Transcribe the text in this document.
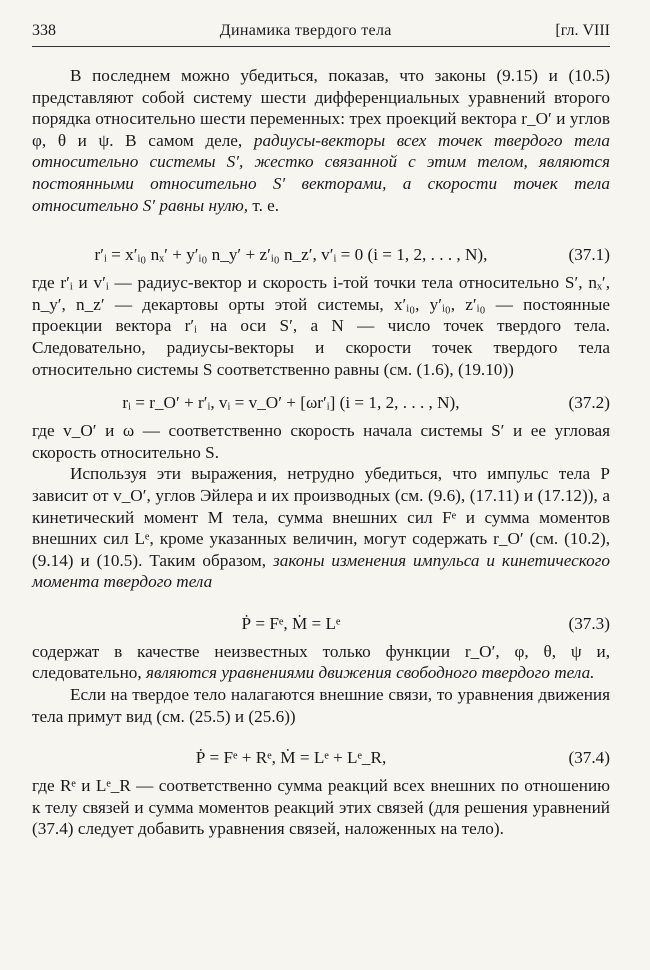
338	Динамика твердого тела	[гл. VIII

В последнем можно убедиться, показав, что законы (9.15) и (10.5) представляют собой систему шести дифференциальных уравнений второго порядка относительно шести переменных: трех проекций вектора r_O′ и углов φ, θ и ψ. В самом деле, радиусы-векторы всех точек твердого тела относительно системы S′, жестко связанной с этим телом, являются постоянными относительно S′ векторами, а скорости точек тела относительно S′ равны нулю, т. е.

r′ᵢ = x′ᵢ₀ nₓ′ + y′ᵢ₀ n_y′ + z′ᵢ₀ n_z′, v′ᵢ = 0 (i = 1, 2, . . . , N),	(37.1)

где r′ᵢ и v′ᵢ — радиус-вектор и скорость i-той точки тела относительно S′, nₓ′, n_y′, n_z′ — декартовы орты этой системы, x′ᵢ₀, y′ᵢ₀, z′ᵢ₀ — постоянные проекции вектора r′ᵢ на оси S′, а N — число точек твердого тела. Следовательно, радиусы-векторы и скорости точек твердого тела относительно системы S соответственно равны (см. (1.6), (19.10))

rᵢ = r_O′ + r′ᵢ, vᵢ = v_O′ + [ωr′ᵢ] (i = 1, 2, . . . , N),	(37.2)

где v_O′ и ω — соответственно скорость начала системы S′ и ее угловая скорость относительно S.

Используя эти выражения, нетрудно убедиться, что импульс тела P зависит от v_O′, углов Эйлера и их производных (см. (9.6), (17.11) и (17.12)), а кинетический момент M тела, сумма внешних сил Fᵉ и сумма моментов внешних сил Lᵉ, кроме указанных величин, могут содержать r_O′ (см. (10.2), (9.14) и (10.5). Таким образом, законы изменения импульса и кинетического момента твердого тела

Ṗ = Fᵉ, Ṁ = Lᵉ	(37.3)

содержат в качестве неизвестных только функции r_O′, φ, θ, ψ и, следовательно, являются уравнениями движения свободного твердого тела.

Если на твердое тело налагаются внешние связи, то уравнения движения тела примут вид (см. (25.5) и (25.6))

Ṗ = Fᵉ + Rᵉ, Ṁ = Lᵉ + Lᵉ_R,	(37.4)

где Rᵉ и Lᵉ_R — соответственно сумма реакций всех внешних по отношению к телу связей и сумма моментов реакций этих связей (для решения уравнений (37.4) следует добавить уравнения связей, наложенных на тело).
